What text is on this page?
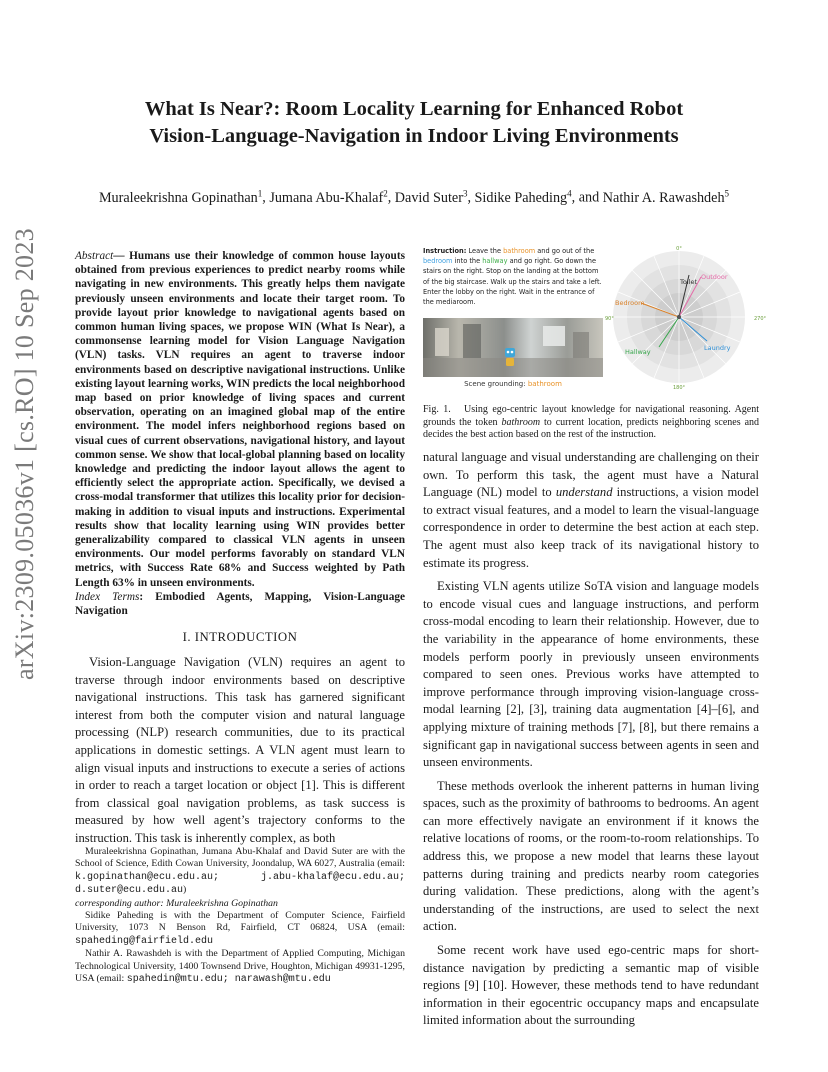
What Is Near?: Room Locality Learning for Enhanced Robot
Vision-Language-Navigation in Indoor Living Environments
Muraleekrishna Gopinathan$^1$, Jumana Abu-Khalaf$^2$, David Suter$^3$, Sidike Paheding$^4$, and Nathir A. Rawashdeh$^5$
arXiv:2309.05036v1 [cs.RO] 10 Sep 2023	Abstract— Humans use their knowledge of common house layouts obtained from previous experiences to predict nearby rooms while navigating in new environments. This greatly helps them navigate previously unseen environments and locate their target room. To provide layout prior knowledge to navigational agents based on common human living spaces, we propose WIN (What Is Near), a commonsense learning model for Vision Language Navigation (VLN) tasks. VLN requires an agent to traverse indoor environments based on descriptive navigational instructions. Unlike existing layout learning works, WIN predicts the local neighborhood map based on prior knowledge of living spaces and current observation, operating on an imagined global map of the entire environment. The model infers neighborhood regions based on visual cues of current observations, navigational history, and layout common sense. We show that local-global planning based on locality knowledge and predicting the indoor layout allows the agent to efficiently select the appropriate action. Specifically, we devised a cross-modal transformer that utilizes this locality prior for decision-making in addition to visual inputs and instructions. Experimental results show that locality learning using WIN provides better generalizability compared to classical VLN agents in unseen environments. Our model performs favorably on standard VLN metrics, with Success Rate 68% and Success weighted by Path Length 63% in unseen environments.

Index Terms: Embodied Agents, Mapping, Vision-Language Navigation

I. INTRODUCTION

Vision-Language Navigation (VLN) requires an agent to traverse through indoor environments based on descriptive navigational instructions. This task has garnered significant interest from both the computer vision and natural language processing (NLP) research communities, due to its practical applications in domestic settings. A VLN agent must learn to align visual inputs and instructions to execute a series of actions in order to reach a target location or object [1]. This is different from classical goal navigation problems, as task success is measured by how well agent’s trajectory conforms to the instruction. This task is inherently complex, as both

Muraleekrishna Gopinathan, Jumana Abu-Khalaf and David Suter are with the School of Science, Edith Cowan University, Joondalup, WA 6027, Australia (email: k.gopinathan@ecu.edu.au; j.abu-khalaf@ecu.edu.au; d.suter@ecu.edu.au)

corresponding author: Muraleekrishna Gopinathan

Sidike Paheding is with the Department of Computer Science, Fairfield University, 1073 N Benson Rd, Fairfield, CT 06824, USA (email: spaheding@fairfield.edu

Nathir A. Rawashdeh is with the Department of Applied Computing, Michigan Technological University, 1400 Townsend Drive, Houghton, Michigan 49931-1295, USA (email: spahedin@mtu.edu; narawash@mtu.edu

Instruction: Leave the bathroom and go out of the bedroom into the hallway and go right. Go down the stairs on the right. Stop on the landing at the bottom of the big staircase. Walk up the stairs and take a left. Enter the lobby on the right. Wait in the entrance of the mediaroom.
Scene grounding: bathroom
0°
90°	270°
180°
Toilet
Outdoor
Bedroom
Hallway	Laundry
Fig. 1. Using ego-centric layout knowledge for navigational reasoning. Agent grounds the token bathroom to current location, predicts neighboring scenes and decides the best action based on the rest of the instruction.

natural language and visual understanding are challenging on their own. To perform this task, the agent must have a Natural Language (NL) model to understand instructions, a vision model to extract visual features, and a model to learn the visual-language correspondence in order to determine the best action at each step. The agent must also keep track of its navigational history to estimate its progress.

Existing VLN agents utilize SoTA vision and language models to encode visual cues and language instructions, and perform cross-modal encoding to learn their relationship. However, due to the variability in the appearance of home environments, these models perform poorly in previously unseen environments compared to seen ones. Previous works have attempted to improve performance through improving vision-language cross-modal learning [2], [3], training data augmentation [4]–[6], and applying mixture of training methods [7], [8], but there remains a significant gap in navigational success between agents in seen and unseen environments.

These methods overlook the inherent patterns in human living spaces, such as the proximity of bathrooms to bedrooms. An agent can more effectively navigate an environment if it knows the relative locations of rooms, or the room-to-room relationships. To address this, we propose a new model that learns these layout patterns during training and predicts nearby room categories during validation. These predictions, along with the agent’s understanding of the instructions, are used to select the next action.

Some recent work have used ego-centric maps for short-distance navigation by predicting a semantic map of visible regions [9] [10]. However, these methods tend to have redundant information in their egocentric occupancy maps and encapsulate limited information about the surrounding
